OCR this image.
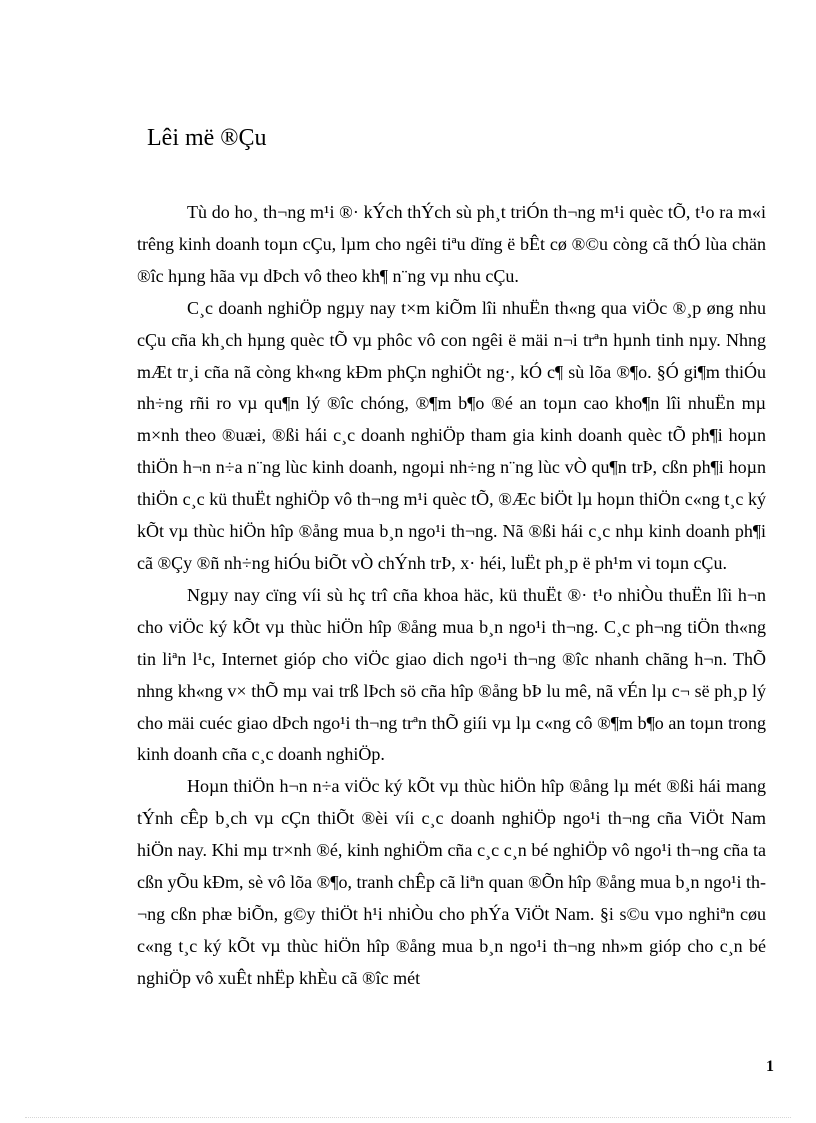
Lêi më ®Çu

Tù do ho¸ th¬ng m¹i ®· kÝch thÝch sù ph¸t triÓn th¬ng m¹i quèc tÕ, t¹o ra m«i trêng kinh doanh toµn cÇu, lµm cho ngêi tiªu dïng ë bÊt cø ®©u còng cã thÓ lùa chän ®îc hµng hãa vµ dÞch vô theo kh¶ n¨ng vµ nhu cÇu.

C¸c doanh nghiÖp ngµy nay t×m kiÕm lîi nhuËn th«ng qua viÖc ®¸p øng nhu cÇu cña kh¸ch hµng quèc tÕ vµ phôc vô con ngêi ë mäi n¬i trªn hµnh tinh nµy. Nhng mÆt tr¸i cña nã còng kh«ng kÐm phÇn nghiÖt ng·, kÓ c¶ sù lõa ®¶o. §Ó gi¶m thiÓu nh÷ng rñi ro vµ qu¶n lý ®îc chóng, ®¶m b¶o ®é an toµn cao kho¶n lîi nhuËn mµ m×nh theo ®uæi, ®ßi hái c¸c doanh nghiÖp tham gia kinh doanh quèc tÕ ph¶i hoµn thiÖn h¬n n÷a n¨ng lùc kinh doanh, ngoµi nh÷ng n¨ng lùc vÒ qu¶n trÞ, cßn ph¶i hoµn thiÖn c¸c kü thuËt nghiÖp vô th¬ng m¹i quèc tÕ, ®Æc biÖt lµ hoµn thiÖn c«ng t¸c ký kÕt vµ thùc hiÖn hîp ®ång mua b¸n ngo¹i th¬ng. Nã ®ßi hái c¸c nhµ kinh doanh ph¶i cã ®Çy ®ñ nh÷ng hiÓu biÕt vÒ chÝnh trÞ, x· héi, luËt ph¸p ë ph¹m vi toµn cÇu.

Ngµy nay cïng víi sù hç trî cña khoa häc, kü thuËt ®· t¹o nhiÒu thuËn lîi h¬n cho viÖc ký kÕt vµ thùc hiÖn hîp ®ång mua b¸n ngo¹i th¬ng. C¸c ph¬ng tiÖn th«ng tin liªn l¹c, Internet gióp cho viÖc giao dich ngo¹i th¬ng ®îc nhanh chãng h¬n. ThÕ nhng kh«ng v× thÕ mµ vai trß lÞch sö cña hîp ®ång bÞ lu mê, nã vÉn lµ c¬ së ph¸p lý cho mäi cuéc giao dÞch ngo¹i th¬ng trªn thÕ giíi vµ lµ c«ng cô ®¶m b¶o an toµn trong kinh doanh cña c¸c doanh nghiÖp.

Hoµn thiÖn h¬n n÷a viÖc ký kÕt vµ thùc hiÖn hîp ®ång lµ mét ®ßi hái mang tÝnh cÊp b¸ch vµ cÇn thiÕt ®èi víi c¸c doanh nghiÖp ngo¹i th¬ng cña ViÖt Nam hiÖn nay. Khi mµ tr×nh ®é, kinh nghiÖm cña c¸c c¸n bé nghiÖp vô ngo¹i th¬ng cña ta cßn yÕu kÐm, sè vô lõa ®¶o, tranh chÊp cã liªn quan ®Õn hîp ®ång mua b¸n ngo¹i th¬ng cßn phæ biÕn, g©y thiÖt h¹i nhiÒu cho phÝa ViÖt Nam. §i s©u vµo nghiªn cøu c«ng t¸c ký kÕt vµ thùc hiÖn hîp ®ång mua b¸n ngo¹i th¬ng nh»m gióp cho c¸n bé nghiÖp vô xuÊt nhËp khÈu cã ®îc mét

1
